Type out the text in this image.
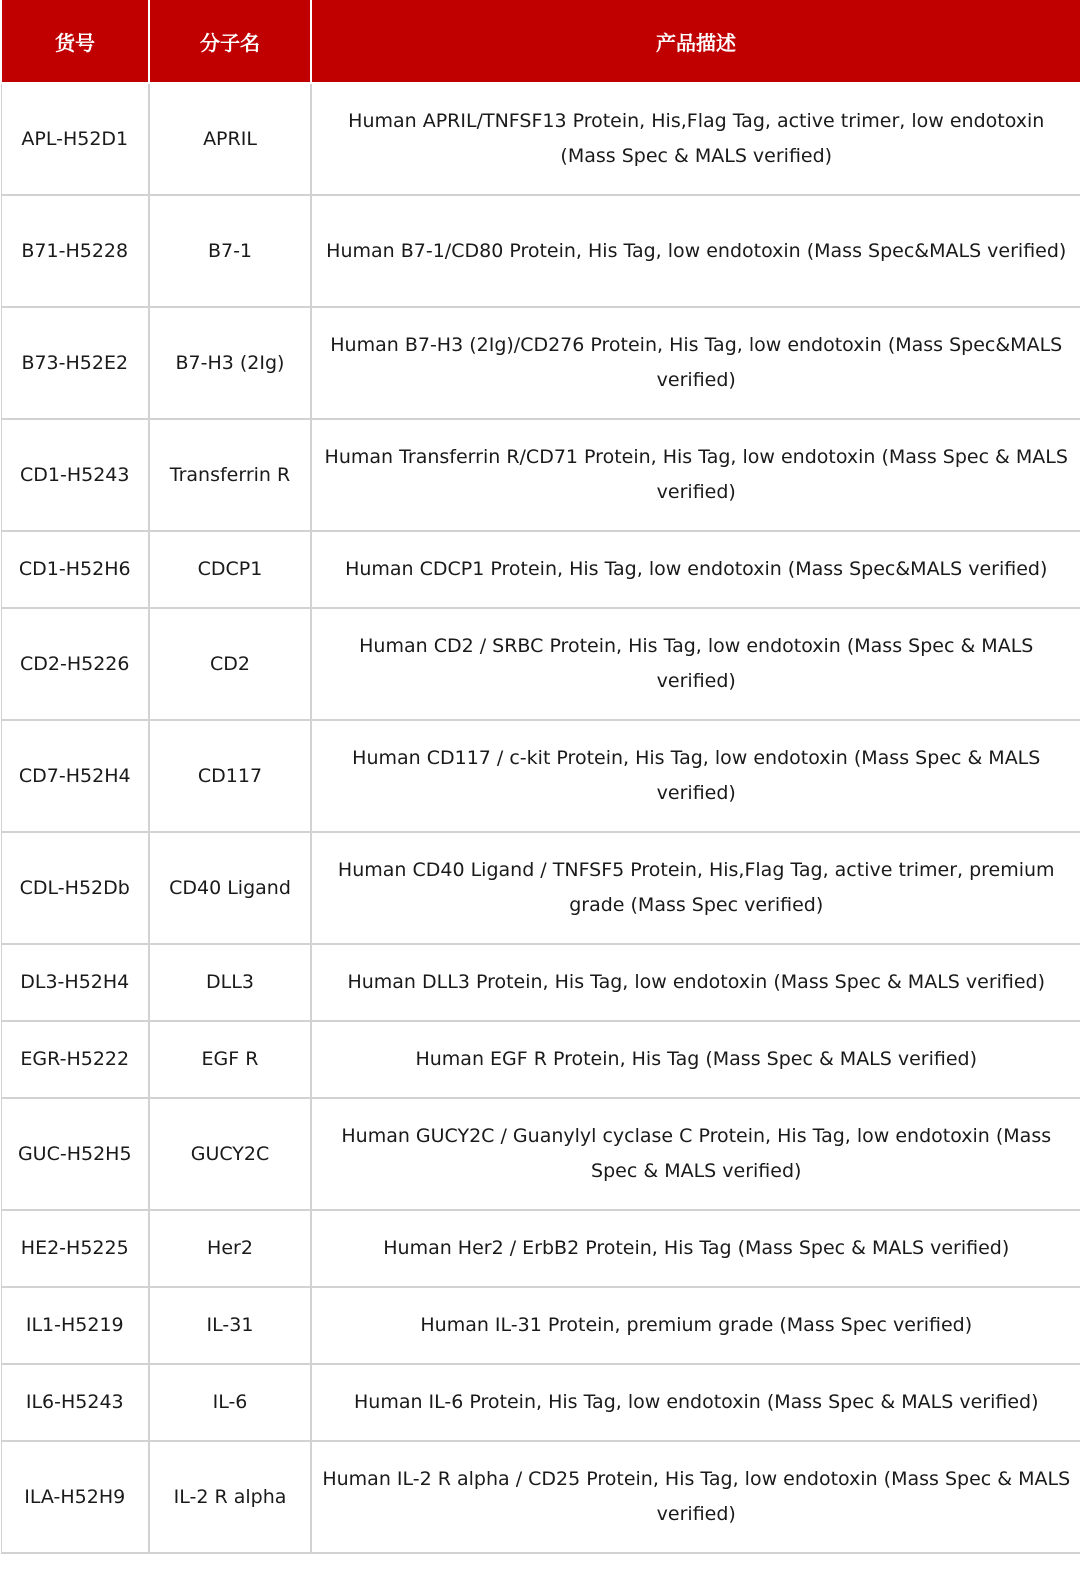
货号	分子名	产品描述
APL-H52D1	APRIL	Human APRIL/TNFSF13 Protein, His,Flag Tag, active trimer, low endotoxin (Mass Spec & MALS verified)
B71-H5228	B7-1	Human B7-1/CD80 Protein, His Tag, low endotoxin (Mass Spec&MALS verified)
B73-H52E2	B7-H3 (2Ig)	Human B7-H3 (2Ig)/CD276 Protein, His Tag, low endotoxin (Mass Spec&MALS verified)
CD1-H5243	Transferrin R	Human Transferrin R/CD71 Protein, His Tag, low endotoxin (Mass Spec & MALS verified)
CD1-H52H6	CDCP1	Human CDCP1 Protein, His Tag, low endotoxin (Mass Spec&MALS verified)
CD2-H5226	CD2	Human CD2 / SRBC Protein, His Tag, low endotoxin (Mass Spec & MALS verified)
CD7-H52H4	CD117	Human CD117 / c-kit Protein, His Tag, low endotoxin (Mass Spec & MALS verified)
CDL-H52Db	CD40 Ligand	Human CD40 Ligand / TNFSF5 Protein, His,Flag Tag, active trimer, premium grade (Mass Spec verified)
DL3-H52H4	DLL3	Human DLL3 Protein, His Tag, low endotoxin (Mass Spec & MALS verified)
EGR-H5222	EGF R	Human EGF R Protein, His Tag (Mass Spec & MALS verified)
GUC-H52H5	GUCY2C	Human GUCY2C / Guanylyl cyclase C Protein, His Tag, low endotoxin (Mass Spec & MALS verified)
HE2-H5225	Her2	Human Her2 / ErbB2 Protein, His Tag (Mass Spec & MALS verified)
IL1-H5219	IL-31	Human IL-31 Protein, premium grade (Mass Spec verified)
IL6-H5243	IL-6	Human IL-6 Protein, His Tag, low endotoxin (Mass Spec & MALS verified)
ILA-H52H9	IL-2 R alpha	Human IL-2 R alpha / CD25 Protein, His Tag, low endotoxin (Mass Spec & MALS verified)
